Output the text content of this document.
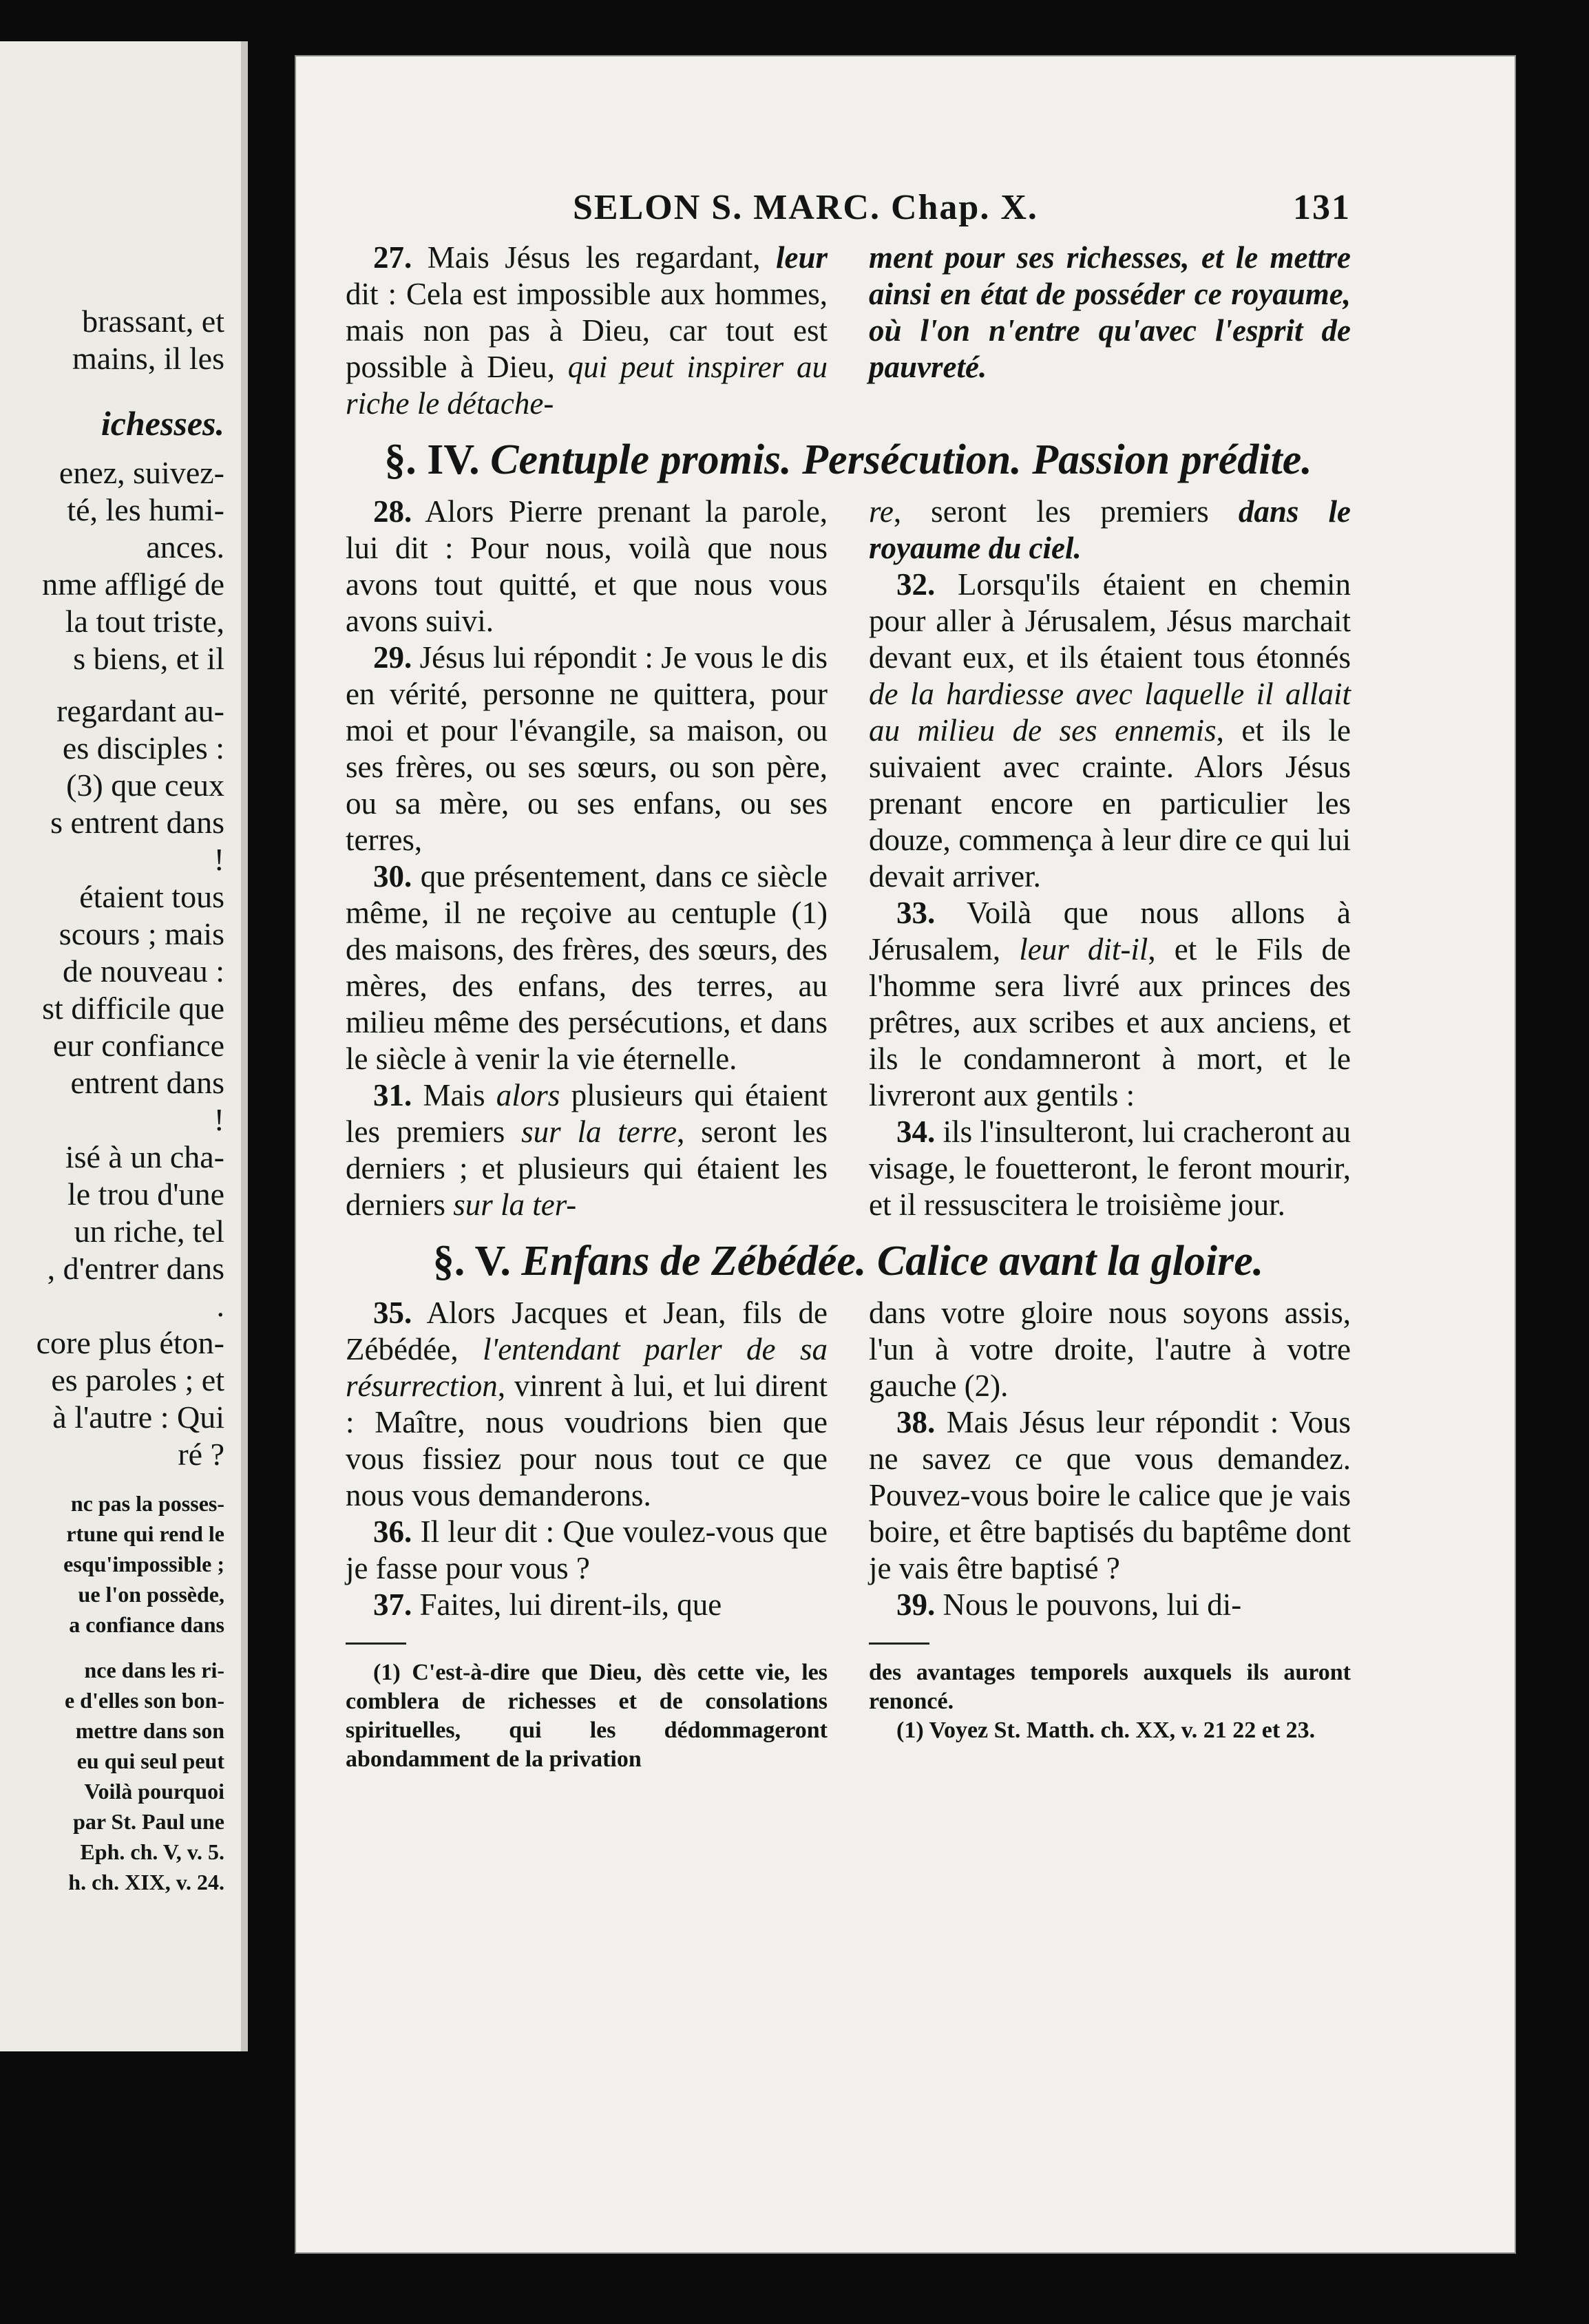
brassant, et
mains, il les
ichesses.
enez, suivez-
té, les humi-
ances.
nme affligé de
la tout triste,
s biens, et il
regardant au-
es disciples :
(3) que ceux
s entrent dans
!
étaient tous
scours ; mais
de nouveau :
st difficile que
eur confiance
entrent dans
!
isé à un cha-
le trou d'une
un riche, tel
, d'entrer dans
.
core plus éton-
es paroles ; et
à l'autre : Qui
ré ?
nc pas la posses-
rtune qui rend le
esqu'impossible ;
ue l'on possède,
a confiance dans
nce dans les ri-
e d'elles son bon-
mettre dans son
eu qui seul peut
Voilà pourquoi
par St. Paul une
Eph. ch. V, v. 5.
h. ch. XIX, v. 24.
SELON S. MARC. Chap. X.	131

27. Mais Jésus les regardant, leur dit : Cela est impossible aux hommes, mais non pas à Dieu, car tout est possible à Dieu, qui peut inspirer au riche le détache-

ment pour ses richesses, et le mettre ainsi en état de posséder ce royaume, où l'on n'entre qu'avec l'esprit de pauvreté.

§. IV. Centuple promis. Persécution. Passion prédite.

28. Alors Pierre prenant la parole, lui dit : Pour nous, voilà que nous avons tout quitté, et que nous vous avons suivi.

29. Jésus lui répondit : Je vous le dis en vérité, personne ne quittera, pour moi et pour l'évangile, sa maison, ou ses frères, ou ses sœurs, ou son père, ou sa mère, ou ses enfans, ou ses terres,

30. que présentement, dans ce siècle même, il ne reçoive au centuple (1) des maisons, des frères, des sœurs, des mères, des enfans, des terres, au milieu même des persécutions, et dans le siècle à venir la vie éternelle.

31. Mais alors plusieurs qui étaient les premiers sur la terre, seront les derniers ; et plusieurs qui étaient les derniers sur la ter-

re, seront les premiers dans le royaume du ciel.

32. Lorsqu'ils étaient en chemin pour aller à Jérusalem, Jésus marchait devant eux, et ils étaient tous étonnés de la hardiesse avec laquelle il allait au milieu de ses ennemis, et ils le suivaient avec crainte. Alors Jésus prenant encore en particulier les douze, commença à leur dire ce qui lui devait arriver.

33. Voilà que nous allons à Jérusalem, leur dit-il, et le Fils de l'homme sera livré aux princes des prêtres, aux scribes et aux anciens, et ils le condamneront à mort, et le livreront aux gentils :

34. ils l'insulteront, lui cracheront au visage, le fouetteront, le feront mourir, et il ressuscitera le troisième jour.

§. V. Enfans de Zébédée. Calice avant la gloire.

35. Alors Jacques et Jean, fils de Zébédée, l'entendant parler de sa résurrection, vinrent à lui, et lui dirent : Maître, nous voudrions bien que vous fissiez pour nous tout ce que nous vous demanderons.

36. Il leur dit : Que voulez-vous que je fasse pour vous ?

37. Faites, lui dirent-ils, que

dans votre gloire nous soyons assis, l'un à votre droite, l'autre à votre gauche (2).

38. Mais Jésus leur répondit : Vous ne savez ce que vous demandez. Pouvez-vous boire le calice que je vais boire, et être baptisés du baptême dont je vais être baptisé ?

39. Nous le pouvons, lui di-

(1) C'est-à-dire que Dieu, dès cette vie, les comblera de richesses et de consolations spirituelles, qui les dédommageront abondamment de la privation

des avantages temporels auxquels ils auront renoncé.

(1) Voyez St. Matth. ch. XX, v. 21 22 et 23.
